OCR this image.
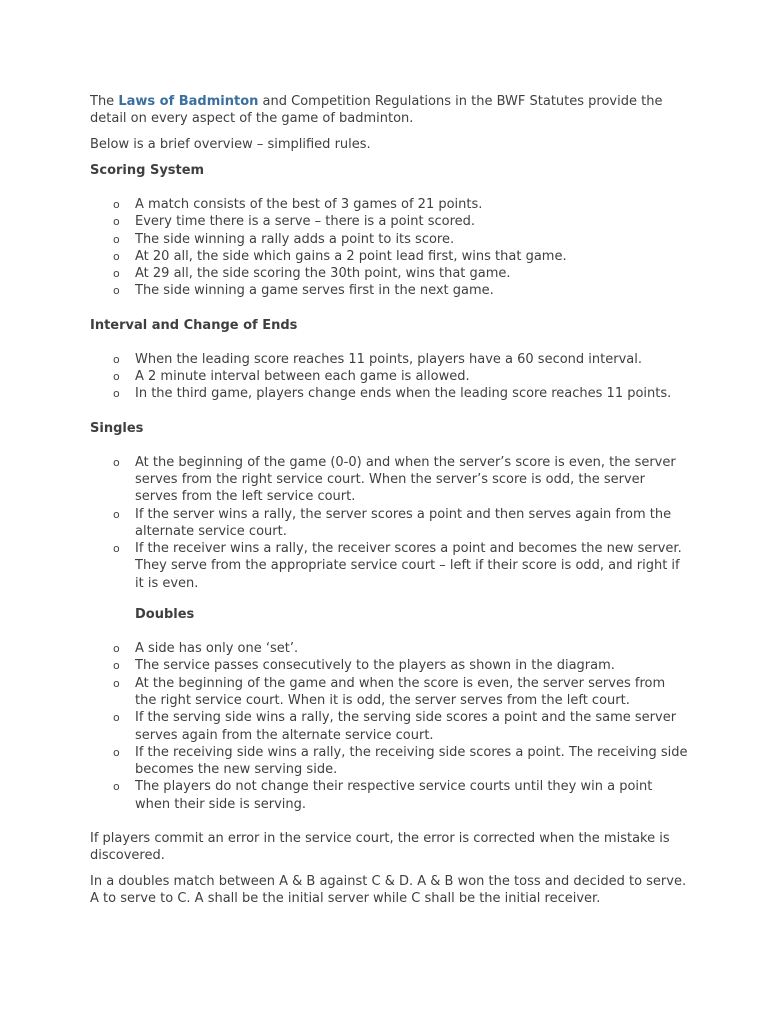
The Laws of Badminton and Competition Regulations in the BWF Statutes provide the detail on every aspect of the game of badminton.

Below is a brief overview – simplified rules.

Scoring System
o A match consists of the best of 3 games of 21 points.
o Every time there is a serve – there is a point scored.
o The side winning a rally adds a point to its score.
o At 20 all, the side which gains a 2 point lead first, wins that game.
o At 29 all, the side scoring the 30th point, wins that game.
o The side winning a game serves first in the next game.
Interval and Change of Ends
o When the leading score reaches 11 points, players have a 60 second interval.
o A 2 minute interval between each game is allowed.
o In the third game, players change ends when the leading score reaches 11 points.
Singles
o At the beginning of the game (0-0) and when the server’s score is even, the server serves from the right service court. When the server’s score is odd, the server serves from the left service court.
o If the server wins a rally, the server scores a point and then serves again from the alternate service court.
o If the receiver wins a rally, the receiver scores a point and becomes the new server. They serve from the appropriate service court – left if their score is odd, and right if it is even.
Doubles
o A side has only one ‘set’.
o The service passes consecutively to the players as shown in the diagram.
o At the beginning of the game and when the score is even, the server serves from the right service court. When it is odd, the server serves from the left court.
o If the serving side wins a rally, the serving side scores a point and the same server serves again from the alternate service court.
o If the receiving side wins a rally, the receiving side scores a point. The receiving side becomes the new serving side.
o The players do not change their respective service courts until they win a point when their side is serving.

If players commit an error in the service court, the error is corrected when the mistake is discovered.

In a doubles match between A & B against C & D. A & B won the toss and decided to serve. A to serve to C. A shall be the initial server while C shall be the initial receiver.
